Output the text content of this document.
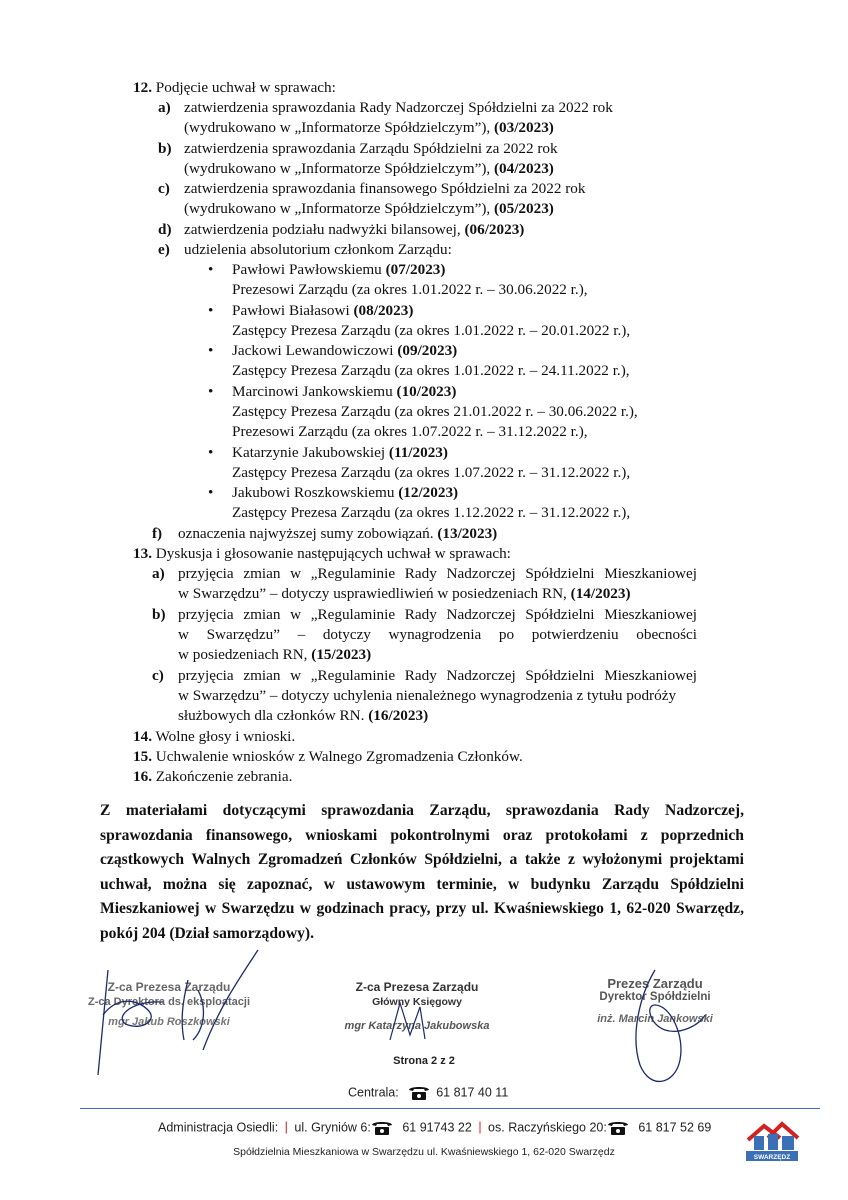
12. Podjęcie uchwał w sprawach:
a) zatwierdzenia sprawozdania Rady Nadzorczej Spółdzielni za 2022 rok
(wydrukowano w „Informatorze Spółdzielczym”), (03/2023)
b) zatwierdzenia sprawozdania Zarządu Spółdzielni za 2022 rok
(wydrukowano w „Informatorze Spółdzielczym”), (04/2023)
c) zatwierdzenia sprawozdania finansowego Spółdzielni za 2022 rok
(wydrukowano w „Informatorze Spółdzielczym”), (05/2023)
d) zatwierdzenia podziału nadwyżki bilansowej, (06/2023)
e) udzielenia absolutorium członkom Zarządu:
• Pawłowi Pawłowskiemu (07/2023)
Prezesowi Zarządu (za okres 1.01.2022 r. – 30.06.2022 r.),
• Pawłowi Białasowi (08/2023)
Zastępcy Prezesa Zarządu (za okres 1.01.2022 r. – 20.01.2022 r.),
• Jackowi Lewandowiczowi (09/2023)
Zastępcy Prezesa Zarządu (za okres 1.01.2022 r. – 24.11.2022 r.),
• Marcinowi Jankowskiemu (10/2023)
Zastępcy Prezesa Zarządu (za okres 21.01.2022 r. – 30.06.2022 r.),
Prezesowi Zarządu (za okres 1.07.2022 r. – 31.12.2022 r.),
• Katarzynie Jakubowskiej (11/2023)
Zastępcy Prezesa Zarządu (za okres 1.07.2022 r. – 31.12.2022 r.),
• Jakubowi Roszkowskiemu (12/2023)
Zastępcy Prezesa Zarządu (za okres 1.12.2022 r. – 31.12.2022 r.),
f) oznaczenia najwyższej sumy zobowiązań. (13/2023)
13. Dyskusja i głosowanie następujących uchwał w sprawach:
a) przyjęcia zmian w „Regulaminie Rady Nadzorczej Spółdzielni Mieszkaniowej
w Swarzędzu” – dotyczy usprawiedliwień w posiedzeniach RN, (14/2023)
b) przyjęcia zmian w „Regulaminie Rady Nadzorczej Spółdzielni Mieszkaniowej
w Swarzędzu” – dotyczy wynagrodzenia po potwierdzeniu obecności
w posiedzeniach RN, (15/2023)
c) przyjęcia zmian w „Regulaminie Rady Nadzorczej Spółdzielni Mieszkaniowej
w Swarzędzu” – dotyczy uchylenia nienależnego wynagrodzenia z tytułu podróży
służbowych dla członków RN. (16/2023)
14. Wolne głosy i wnioski.
15. Uchwalenie wniosków z Walnego Zgromadzenia Członków.
16. Zakończenie zebrania.

Z materiałami dotyczącymi sprawozdania Zarządu, sprawozdania Rady Nadzorczej, sprawozdania finansowego, wnioskami pokontrolnymi oraz protokołami z poprzednich cząstkowych Walnych Zgromadzeń Członków Spółdzielni, a także z wyłożonymi projektami uchwał, można się zapoznać, w ustawowym terminie, w budynku Zarządu Spółdzielni Mieszkaniowej w Swarzędzu w godzinach pracy, przy ul. Kwaśniewskiego 1, 62-020 Swarzędz, pokój 204 (Dział samorządowy).

Z-ca Prezesa Zarządu
Z-ca Dyrektora ds. eksploatacji
mgr Jakub Roszkowski
Z-ca Prezesa Zarządu
Główny Księgowy
mgr Katarzyna Jakubowska
Prezes Zarządu
Dyrektor Spółdzielni
inż. Marcin Jankowski
Strona 2 z 2
Centrala:	61 817 40 11
Administracja Osiedli: | ul. Gryniów 6:	61 91743 22 | os. Raczyńskiego 20:	61 817 52 69
Spółdzielnia Mieszkaniowa w Swarzędzu ul. Kwaśniewskiego 1, 62-020 Swarzędz	SWARZĘDZ
